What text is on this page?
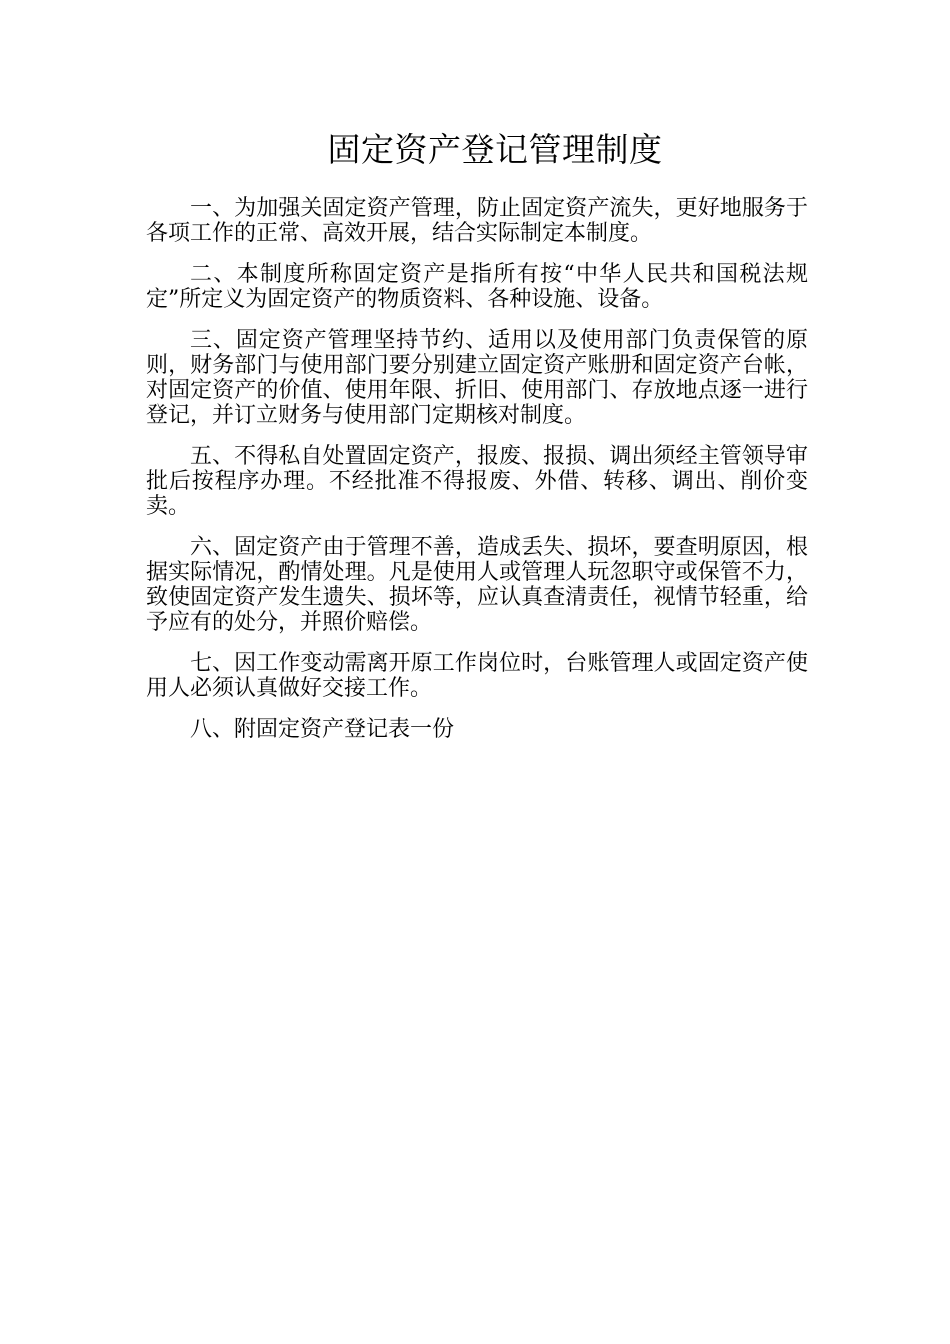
固定资产登记管理制度

一、为加强关固定资产管理，防止固定资产流失，更好地服务于各项工作的正常、高效开展，结合实际制定本制度。

二、本制度所称固定资产是指所有按“中华人民共和国税法规定”所定义为固定资产的物质资料、各种设施、设备。

三、固定资产管理坚持节约、适用以及使用部门负责保管的原则，财务部门与使用部门要分别建立固定资产账册和固定资产台帐，对固定资产的价值、使用年限、折旧、使用部门、存放地点逐一进行登记，并订立财务与使用部门定期核对制度。

五、不得私自处置固定资产，报废、报损、调出须经主管领导审批后按程序办理。不经批准不得报废、外借、转移、调出、削价变卖。

六、固定资产由于管理不善，造成丢失、损坏，要查明原因，根据实际情况，酌情处理。凡是使用人或管理人玩忽职守或保管不力，致使固定资产发生遗失、损坏等，应认真查清责任，视情节轻重，给予应有的处分，并照价赔偿。

七、因工作变动需离开原工作岗位时，台账管理人或固定资产使用人必须认真做好交接工作。

八、附固定资产登记表一份
